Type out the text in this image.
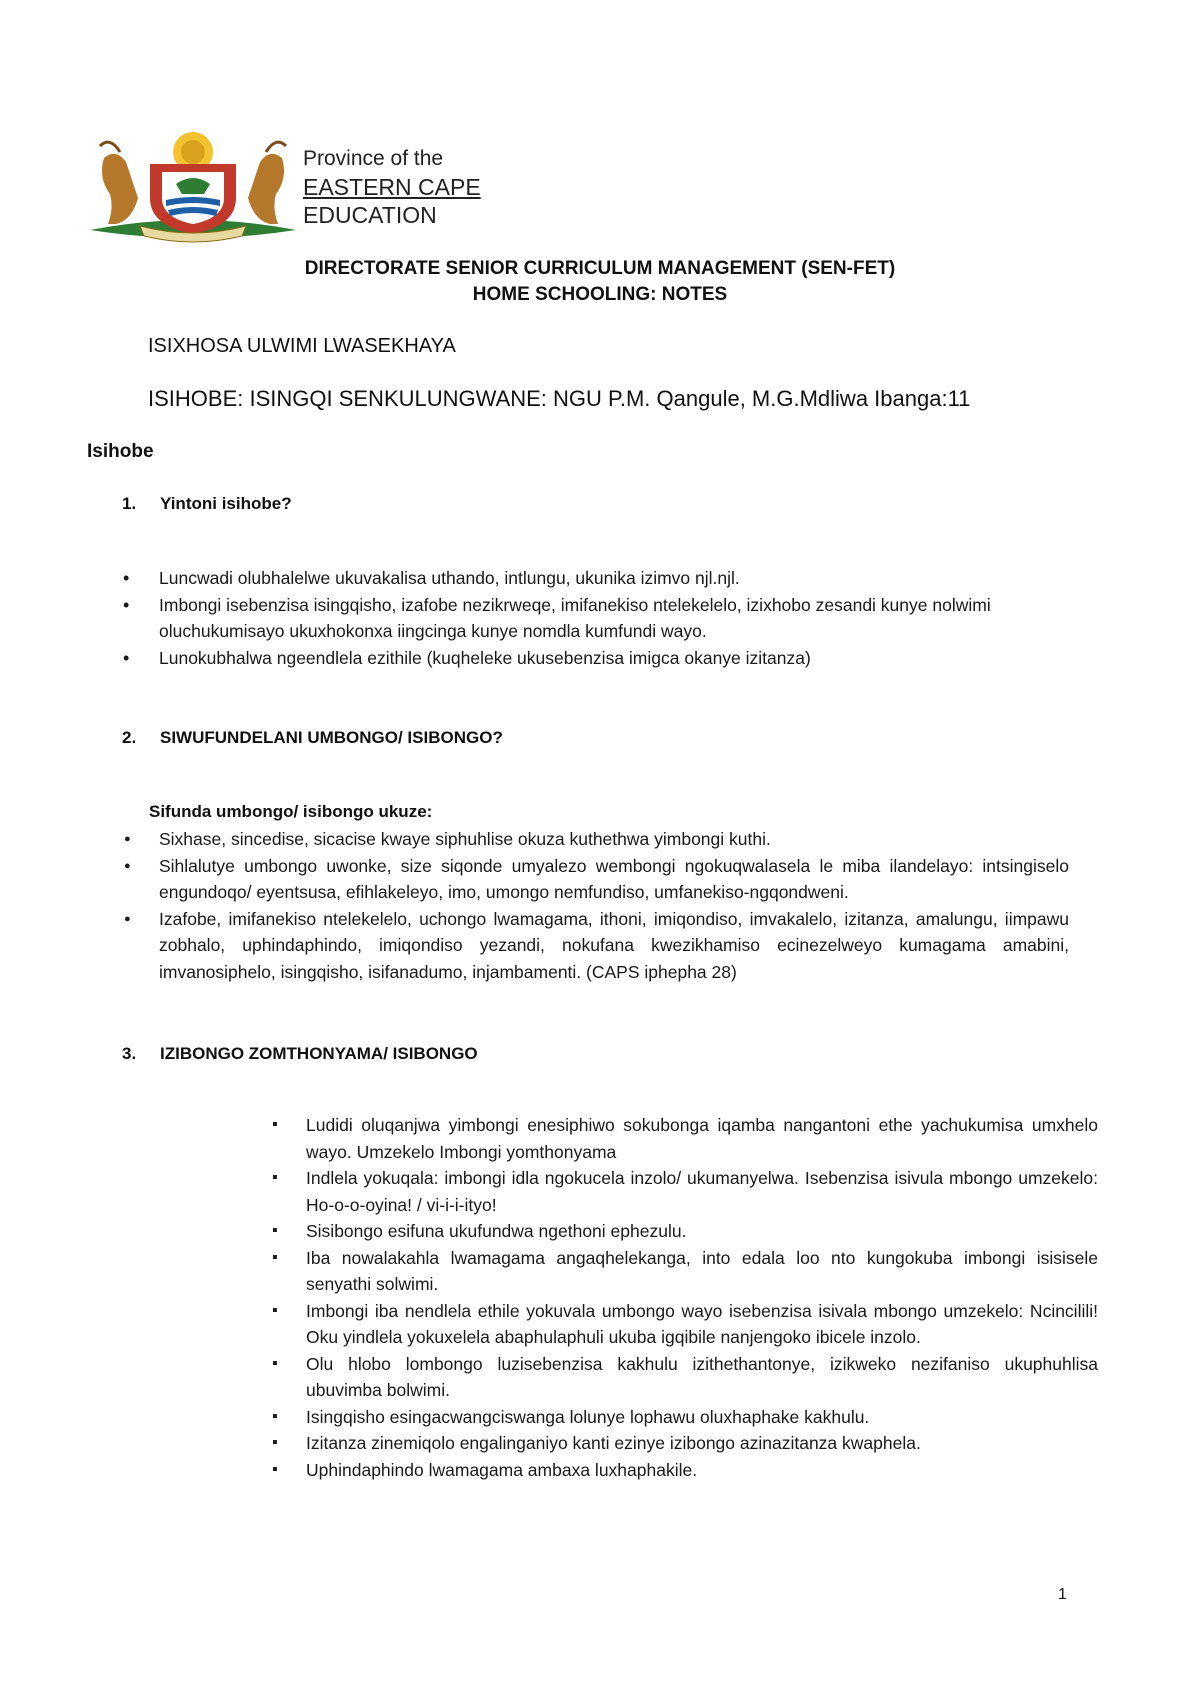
Province of the
EASTERN CAPE
EDUCATION
DIRECTORATE SENIOR CURRICULUM MANAGEMENT (SEN-FET)
HOME SCHOOLING: NOTES
ISIXHOSA ULWIMI LWASEKHAYA
ISIHOBE: ISINGQI SENKULUNGWANE: NGU P.M. Qangule, M.G.Mdliwa Ibanga:11
Isihobe
1. Yintoni isihobe?
• Luncwadi olubhalelwe ukuvakalisa uthando, intlungu, ukunika izimvo njl.njl.
• Imbongi isebenzisa isingqisho, izafobe nezikrweqe, imifanekiso ntelekelelo, izixhobo zesandi kunye nolwimi oluchukumisayo ukuxhokonxa iingcinga kunye nomdla kumfundi wayo.
• Lunokubhalwa ngeendlela ezithile (kuqheleke ukusebenzisa imigca okanye izitanza)
2. SIWUFUNDELANI UMBONGO/ ISIBONGO?
Sifunda umbongo/ isibongo ukuze:
● Sixhase, sincedise, sicacise kwaye siphuhlise okuza kuthethwa yimbongi kuthi.
● Sihlalutye umbongo uwonke, size siqonde umyalezo wembongi ngokuqwalasela le miba ilandelayo: intsingiselo engundoqo/ eyentsusa, efihlakeleyo, imo, umongo nemfundiso, umfanekiso-ngqondweni.
● Izafobe, imifanekiso ntelekelelo, uchongo lwamagama, ithoni, imiqondiso, imvakalelo, izitanza, amalungu, iimpawu zobhalo, uphindaphindo, imiqondiso yezandi, nokufana kwezikhamiso ecinezelweyo kumagama amabini, imvanosiphelo, isingqisho, isifanadumo, injambamenti. (CAPS iphepha 28)
3. IZIBONGO ZOMTHONYAMA/ ISIBONGO
▪ Ludidi oluqanjwa yimbongi enesiphiwo sokubonga iqamba nangantoni ethe yachukumisa umxhelo wayo. Umzekelo Imbongi yomthonyama
▪ Indlela yokuqala: imbongi idla ngokucela inzolo/ ukumanyelwa. Isebenzisa isivula mbongo umzekelo: Ho-o-o-oyina! / vi-i-i-ityo!
▪ Sisibongo esifuna ukufundwa ngethoni ephezulu.
▪ Iba nowalakahla lwamagama angaqhelekanga, into edala loo nto kungokuba imbongi isisisele senyathi solwimi.
▪ Imbongi iba nendlela ethile yokuvala umbongo wayo isebenzisa isivala mbongo umzekelo: Ncincilili! Oku yindlela yokuxelela abaphulaphuli ukuba igqibile nanjengoko ibicele inzolo.
▪ Olu hlobo lombongo luzisebenzisa kakhulu izithethantonye, izikweko nezifaniso ukuphuhlisa ubuvimba bolwimi.
▪ Isingqisho esingacwangciswanga lolunye lophawu oluxhaphake kakhulu.
▪ Izitanza zinemiqolo engalinganiyo kanti ezinye izibongo azinazitanza kwaphela.
▪ Uphindaphindo lwamagama ambaxa luxhaphakile.
1
